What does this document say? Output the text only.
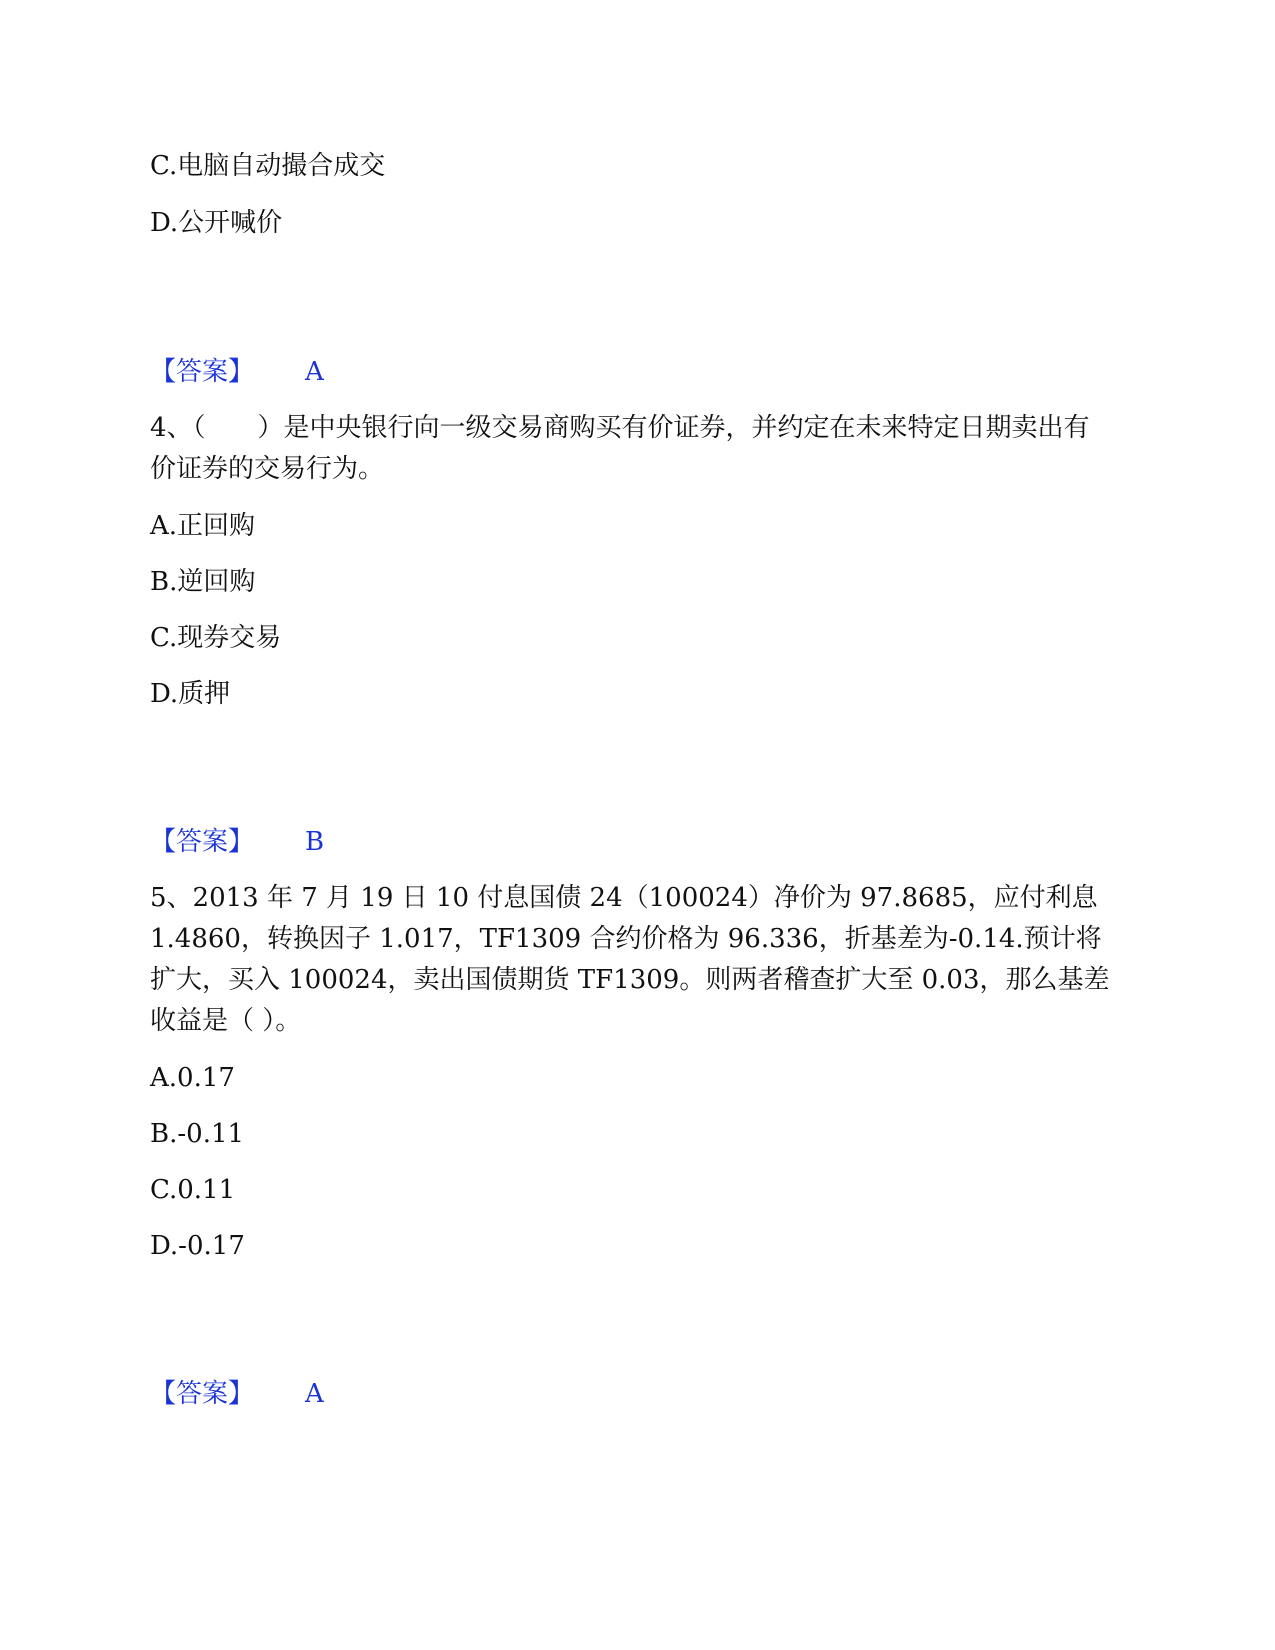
C.电脑自动撮合成交
D.公开喊价
【答案】 A
4、（　　）是中央银行向一级交易商购买有价证券，并约定在未来特定日期卖出有价证券的交易行为。
A.正回购
B.逆回购
C.现券交易
D.质押
【答案】 B
5、2013 年 7 月 19 日 10 付息国债 24（100024）净价为 97.8685，应付利息 1.4860，转换因子 1.017，TF1309 合约价格为 96.336，折基差为-0.14.预计将扩大，买入 100024，卖出国债期货 TF1309。则两者稽查扩大至 0.03，那么基差收益是（ ）。
A.0.17
B.-0.11
C.0.11
D.-0.17
【答案】 A
